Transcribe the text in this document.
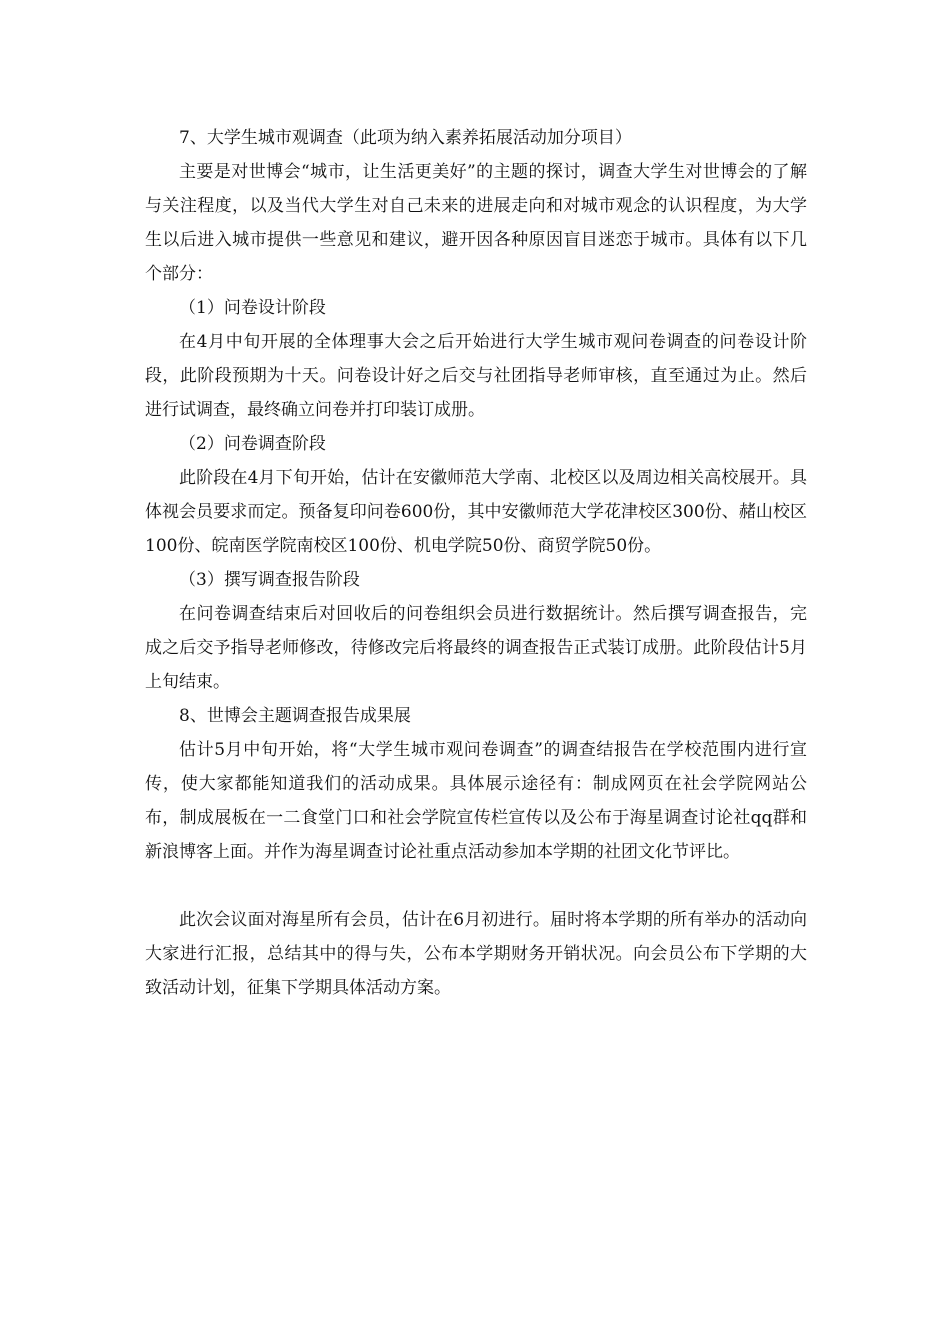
7、大学生城市观调查（此项为纳入素养拓展活动加分项目）

主要是对世博会“城市，让生活更美好”的主题的探讨，调查大学生对世博会的了解与关注程度，以及当代大学生对自己未来的进展走向和对城市观念的认识程度，为大学生以后进入城市提供一些意见和建议，避开因各种原因盲目迷恋于城市。具体有以下几个部分：

（1）问卷设计阶段

在4月中旬开展的全体理事大会之后开始进行大学生城市观问卷调查的问卷设计阶段，此阶段预期为十天。问卷设计好之后交与社团指导老师审核，直至通过为止。然后进行试调查，最终确立问卷并打印装订成册。

（2）问卷调查阶段

此阶段在4月下旬开始，估计在安徽师范大学南、北校区以及周边相关高校展开。具体视会员要求而定。预备复印问卷600份，其中安徽师范大学花津校区300份、赭山校区100份、皖南医学院南校区100份、机电学院50份、商贸学院50份。

（3）撰写调查报告阶段

在问卷调查结束后对回收后的问卷组织会员进行数据统计。然后撰写调查报告，完成之后交予指导老师修改，待修改完后将最终的调查报告正式装订成册。此阶段估计5月上旬结束。

8、世博会主题调查报告成果展

估计5月中旬开始，将“大学生城市观问卷调查”的调查结报告在学校范围内进行宣传，使大家都能知道我们的活动成果。具体展示途径有：制成网页在社会学院网站公布，制成展板在一二食堂门口和社会学院宣传栏宣传以及公布于海星调查讨论社qq群和新浪博客上面。并作为海星调查讨论社重点活动参加本学期的社团文化节评比。

此次会议面对海星所有会员，估计在6月初进行。届时将本学期的所有举办的活动向大家进行汇报，总结其中的得与失，公布本学期财务开销状况。向会员公布下学期的大致活动计划，征集下学期具体活动方案。
